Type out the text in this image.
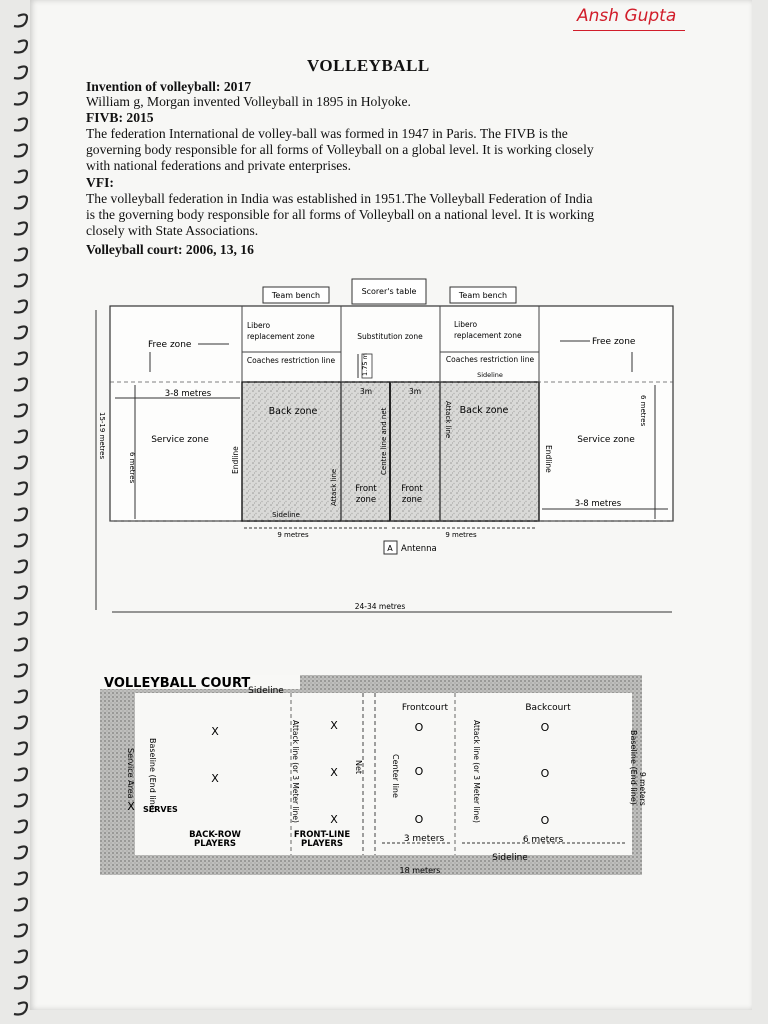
Ansh Gupta
VOLLEYBALL
Invention of volleyball: 2017
William g, Morgan invented Volleyball in 1895 in Holyoke.
FIVB: 2015
The federation International de volley-ball was formed in 1947 in Paris. The FIVB is the
governing body responsible for all forms of Volleyball on a global level. It is working closely
with national federations and private enterprises.
VFI:
The volleyball federation in India was established in 1951.The Volleyball Federation of India
is the governing body responsible for all forms of Volleyball on a national level. It is working
closely with State Associations.
Volleyball court: 2006, 13, 16
Team bench	Scorer's table	Team bench
Free zone	Free zone
Libero
replacement zone	Substitution zone
Libero
replacement zone
Coaches restriction line	Coaches restriction line
Sideline
1.75 m
3m	3m
3-8 metres
3-8 metres
Back zone	Back zone
Service zone	Service zone
Endline	Endline
Attack line
Attack line
Centre line and net
Front
zone
Front
zone
Sideline
9 metres	9 metres
A Antenna
6 metres
6 metres
15-19 metres
24-34 metres
VOLLEYBALL COURT
Sideline
Frontcourt	Backcourt
Baseline (End line)
Service Area	Attack line (or 3 Meter line)	Net	Center line	Attack line (or 3 Meter line)	Baseline (End line)
SERVES
BACK-ROW
PLAYERS
FRONT-LINE
PLAYERS	3 meters	6 meters
Sideline
9 meters
18 meters
X
X
X
X
X
X
O
O
O
O
O
O
